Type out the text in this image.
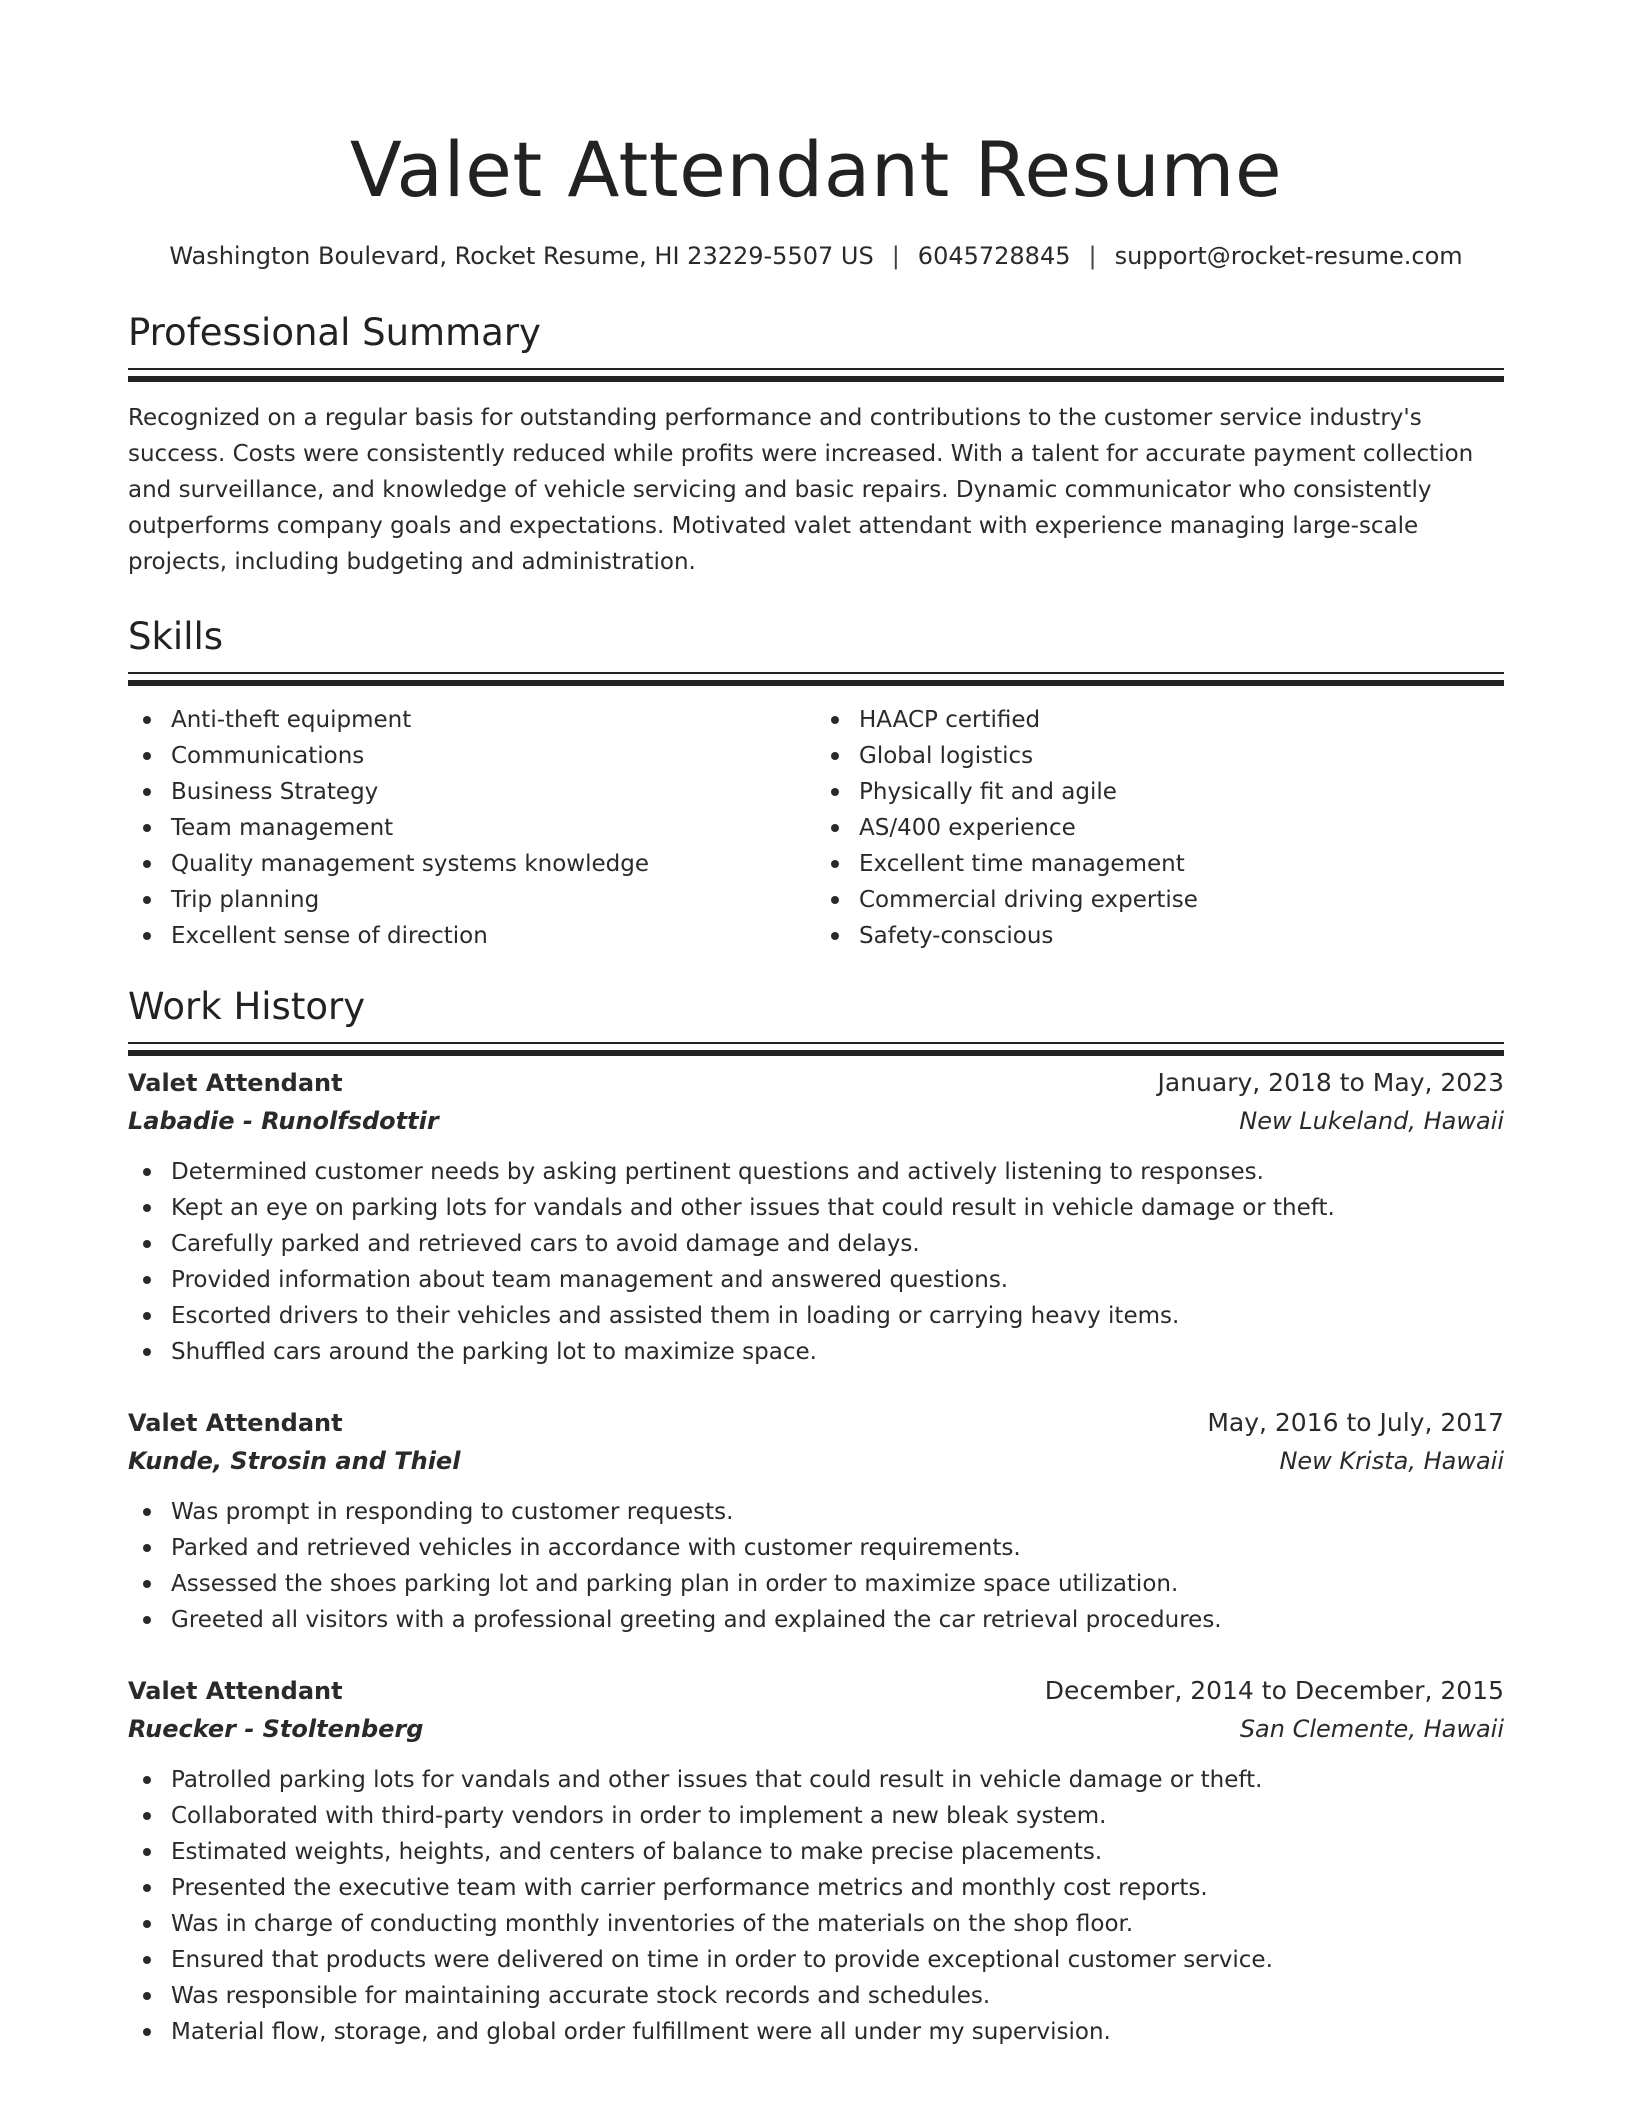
Valet Attendant Resume
Washington Boulevard, Rocket Resume, HI 23229-5507 US | 6045728845 | support@rocket-resume.com
Professional Summary

Recognized on a regular basis for outstanding performance and contributions to the customer service industry's success. Costs were consistently reduced while profits were increased. With a talent for accurate payment collection and surveillance, and knowledge of vehicle servicing and basic repairs. Dynamic communicator who consistently outperforms company goals and expectations. Motivated valet attendant with experience managing large-scale projects, including budgeting and administration.

Skills
Anti-theft equipment
Communications
Business Strategy
Team management
Quality management systems knowledge
Trip planning
Excellent sense of direction
HAACP certified
Global logistics
Physically fit and agile
AS/400 experience
Excellent time management
Commercial driving expertise
Safety-conscious
Work History
Valet Attendant	January, 2018 to May, 2023
Labadie - Runolfsdottir	New Lukeland, Hawaii
Determined customer needs by asking pertinent questions and actively listening to responses.
Kept an eye on parking lots for vandals and other issues that could result in vehicle damage or theft.
Carefully parked and retrieved cars to avoid damage and delays.
Provided information about team management and answered questions.
Escorted drivers to their vehicles and assisted them in loading or carrying heavy items.
Shuffled cars around the parking lot to maximize space.
Valet Attendant	May, 2016 to July, 2017
Kunde, Strosin and Thiel	New Krista, Hawaii
Was prompt in responding to customer requests.
Parked and retrieved vehicles in accordance with customer requirements.
Assessed the shoes parking lot and parking plan in order to maximize space utilization.
Greeted all visitors with a professional greeting and explained the car retrieval procedures.
Valet Attendant	December, 2014 to December, 2015
Ruecker - Stoltenberg	San Clemente, Hawaii
Patrolled parking lots for vandals and other issues that could result in vehicle damage or theft.
Collaborated with third-party vendors in order to implement a new bleak system.
Estimated weights, heights, and centers of balance to make precise placements.
Presented the executive team with carrier performance metrics and monthly cost reports.
Was in charge of conducting monthly inventories of the materials on the shop floor.
Ensured that products were delivered on time in order to provide exceptional customer service.
Was responsible for maintaining accurate stock records and schedules.
Material flow, storage, and global order fulfillment were all under my supervision.
